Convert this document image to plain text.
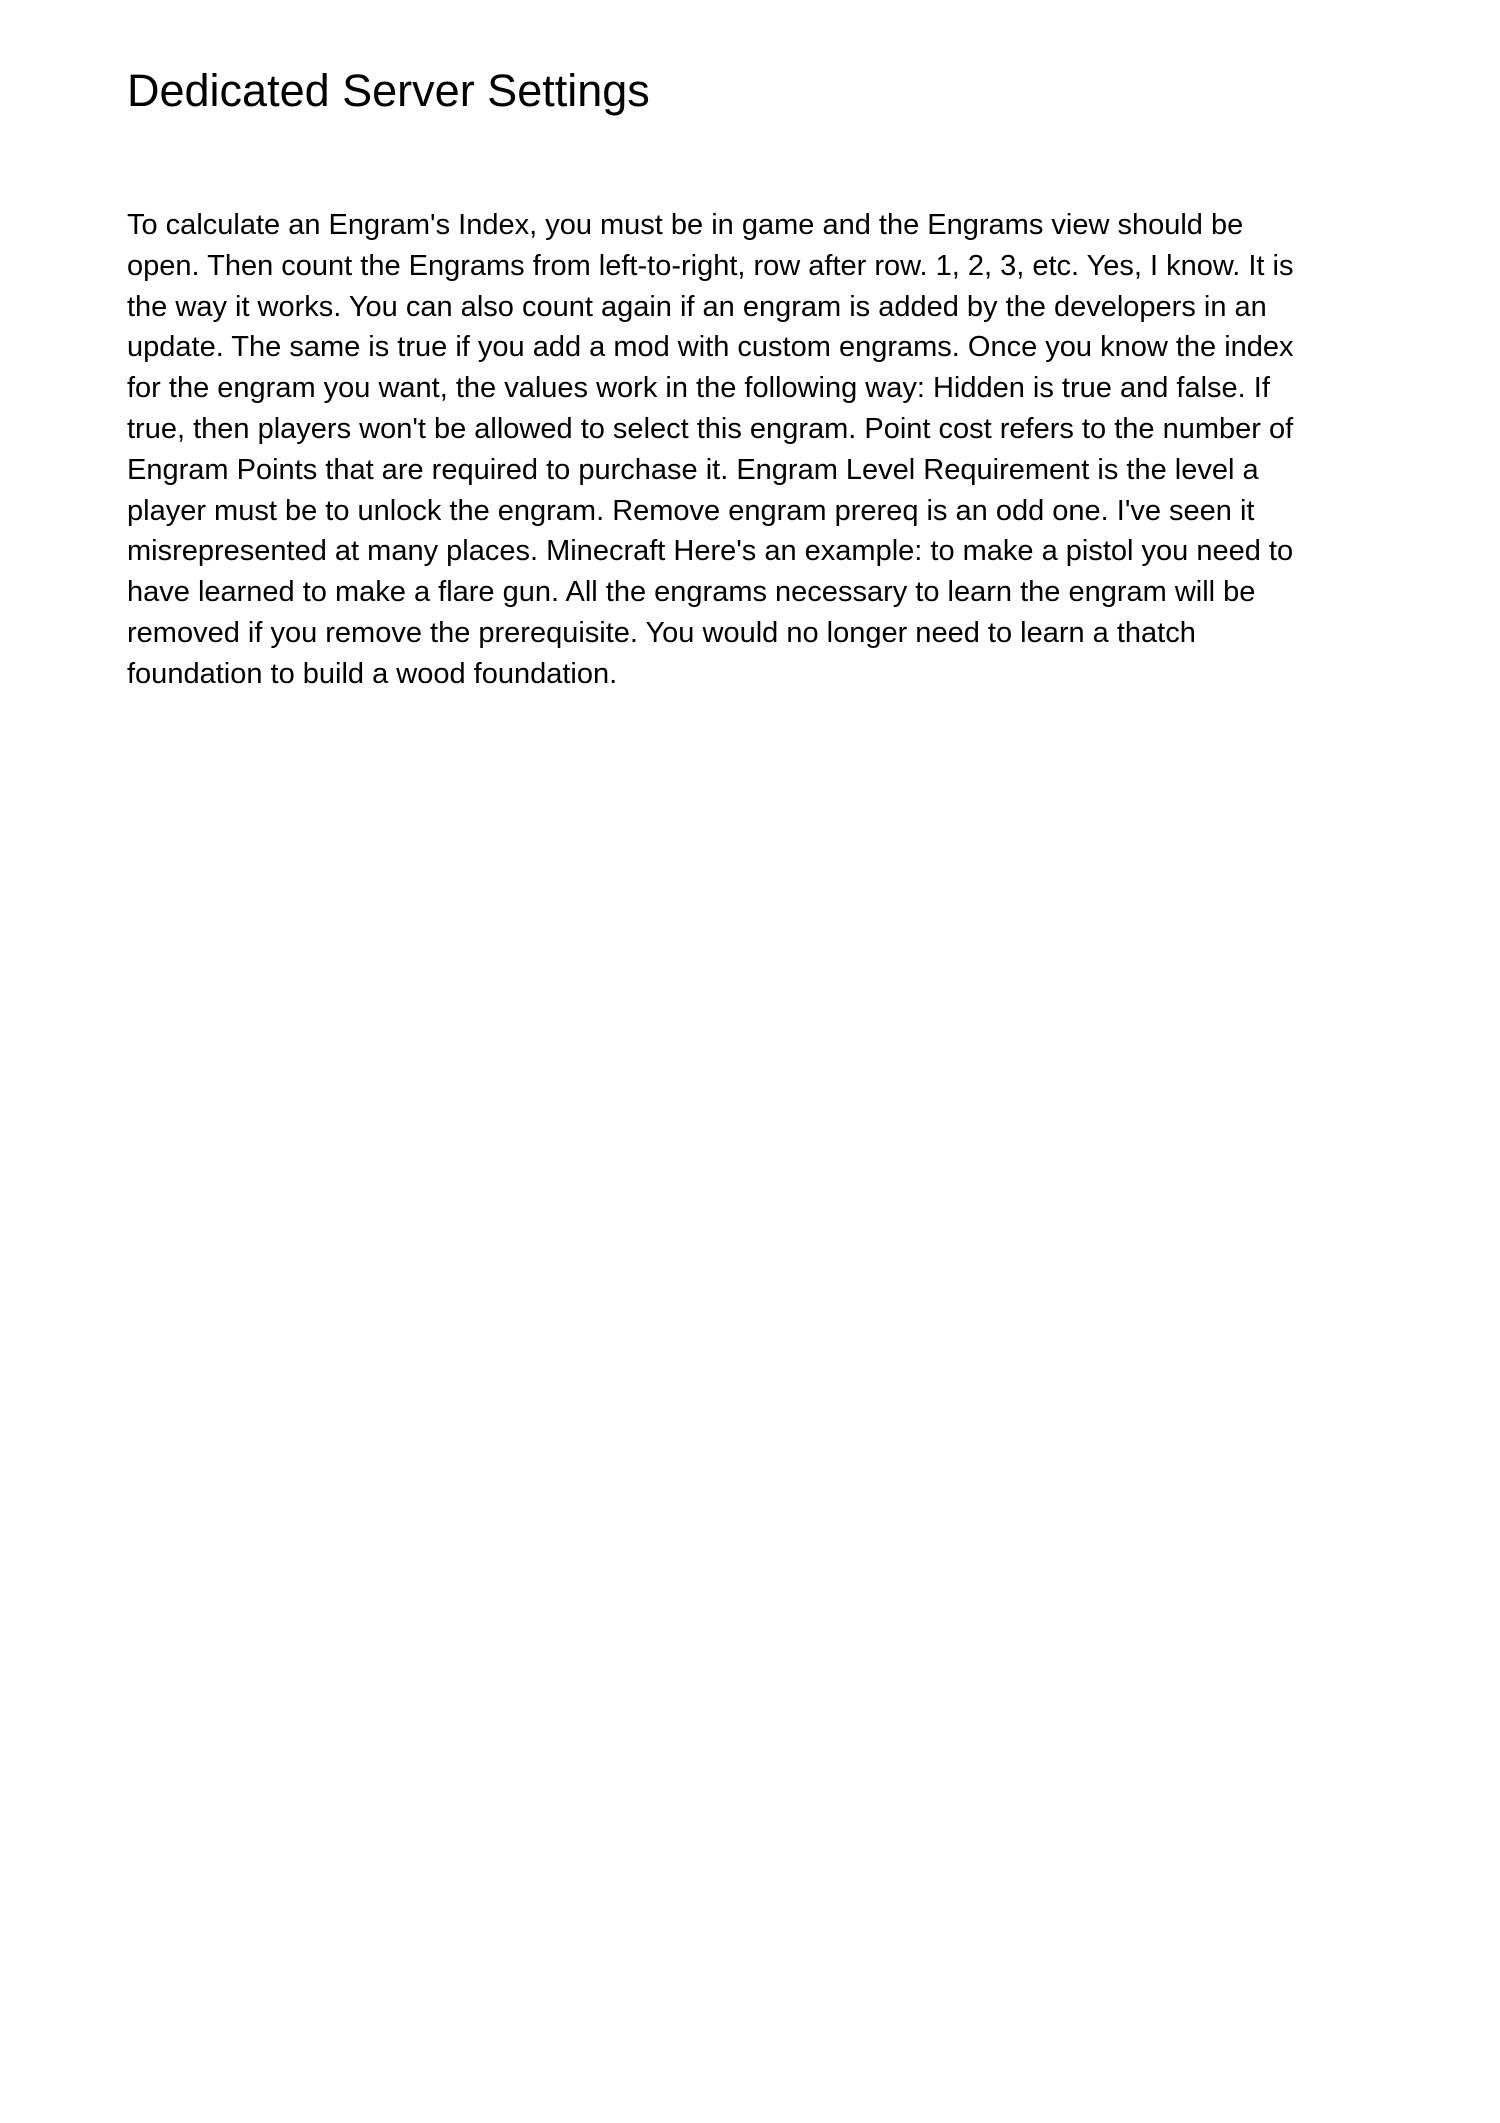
Dedicated Server Settings

To calculate an Engram's Index, you must be in game and the Engrams view should be
open. Then count the Engrams from left-to-right, row after row. 1, 2, 3, etc. Yes, I know. It is
the way it works. You can also count again if an engram is added by the developers in an
update. The same is true if you add a mod with custom engrams. Once you know the index
for the engram you want, the values work in the following way: Hidden is true and false. If
true, then players won't be allowed to select this engram. Point cost refers to the number of
Engram Points that are required to purchase it. Engram Level Requirement is the level a
player must be to unlock the engram. Remove engram prereq is an odd one. I've seen it
misrepresented at many places. Minecraft Here's an example: to make a pistol you need to
have learned to make a flare gun. All the engrams necessary to learn the engram will be
removed if you remove the prerequisite. You would no longer need to learn a thatch
foundation to build a wood foundation.
